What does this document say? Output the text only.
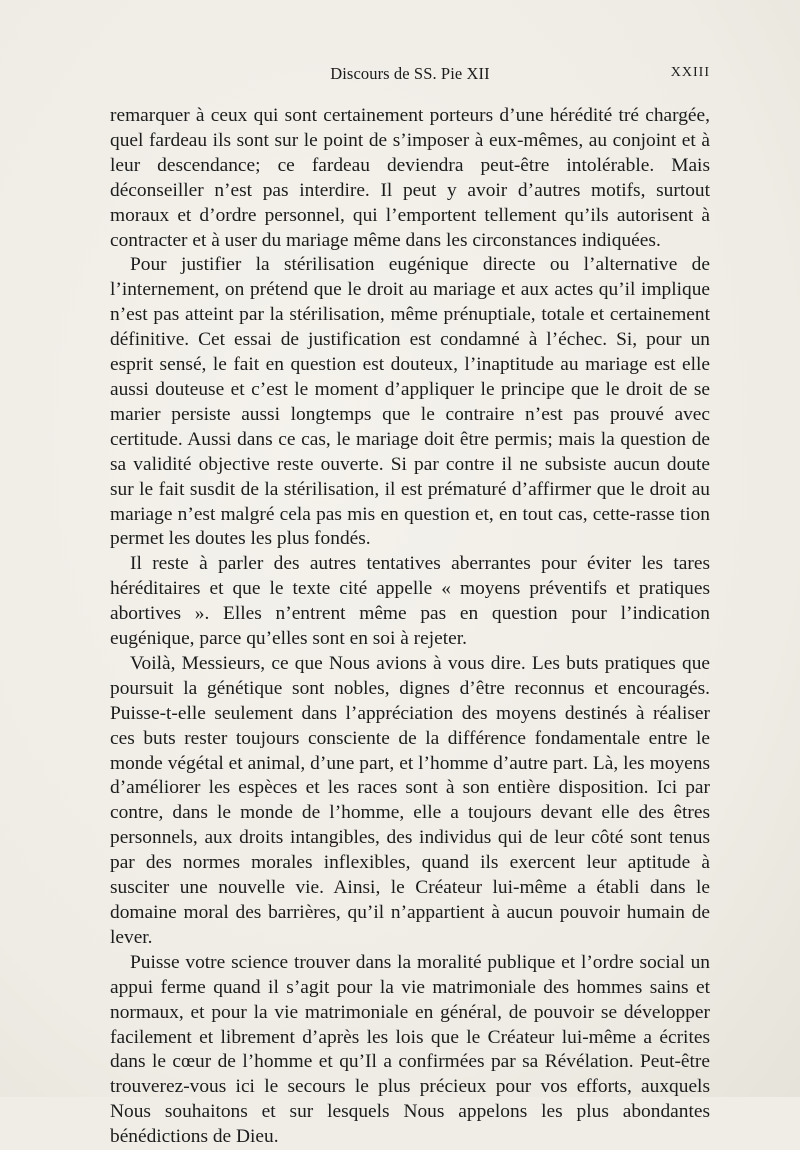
Discours de SS. Pie XII	XXIII

remarquer à ceux qui sont certainement porteurs d’une hérédité tré chargée, quel fardeau ils sont sur le point de s’imposer à eux-mêmes, au conjoint et à leur descendance; ce fardeau deviendra peut-être intolérable. Mais déconseiller n’est pas interdire. Il peut y avoir d’autres motifs, surtout moraux et d’ordre personnel, qui l’emportent tellement qu’ils autorisent à contracter et à user du mariage même dans les circonstances indiquées.

Pour justifier la stérilisation eugénique directe ou l’alternative de l’internement, on prétend que le droit au mariage et aux actes qu’il implique n’est pas atteint par la stérilisation, même prénuptiale, totale et certainement définitive. Cet essai de justification est condamné à l’échec. Si, pour un esprit sensé, le fait en question est douteux, l’inaptitude au mariage est elle aussi douteuse et c’est le moment d’appliquer le principe que le droit de se marier persiste aussi longtemps que le contraire n’est pas prouvé avec certitude. Aussi dans ce cas, le mariage doit être permis; mais la question de sa validité objective reste ouverte. Si par contre il ne subsiste aucun doute sur le fait susdit de la stérilisation, il est prématuré d’affirmer que le droit au mariage n’est malgré cela pas mis en question et, en tout cas, cette-rasse tion permet les doutes les plus fondés.

Il reste à parler des autres tentatives aberrantes pour éviter les tares héréditaires et que le texte cité appelle « moyens préventifs et pratiques abortives ». Elles n’entrent même pas en question pour l’indication eugénique, parce qu’elles sont en soi à rejeter.

Voilà, Messieurs, ce que Nous avions à vous dire. Les buts pratiques que poursuit la génétique sont nobles, dignes d’être reconnus et encouragés. Puisse-t-elle seulement dans l’appréciation des moyens destinés à réaliser ces buts rester toujours consciente de la différence fondamentale entre le monde végétal et animal, d’une part, et l’homme d’autre part. Là, les moyens d’améliorer les espèces et les races sont à son entière disposition. Ici par contre, dans le monde de l’homme, elle a toujours devant elle des êtres personnels, aux droits intangibles, des individus qui de leur côté sont tenus par des normes morales inflexibles, quand ils exercent leur aptitude à susciter une nouvelle vie. Ainsi, le Créateur lui-même a établi dans le domaine moral des barrières, qu’il n’appartient à aucun pouvoir humain de lever.

Puisse votre science trouver dans la moralité publique et l’ordre social un appui ferme quand il s’agit pour la vie matrimoniale des hommes sains et normaux, et pour la vie matrimoniale en général, de pouvoir se développer facilement et librement d’après les lois que le Créateur lui-même a écrites dans le cœur de l’homme et qu’Il a confirmées par sa Révélation. Peut-être trouverez-vous ici le secours le plus précieux pour vos efforts, auxquels Nous souhaitons et sur lesquels Nous appelons les plus abondantes bénédictions de Dieu.
